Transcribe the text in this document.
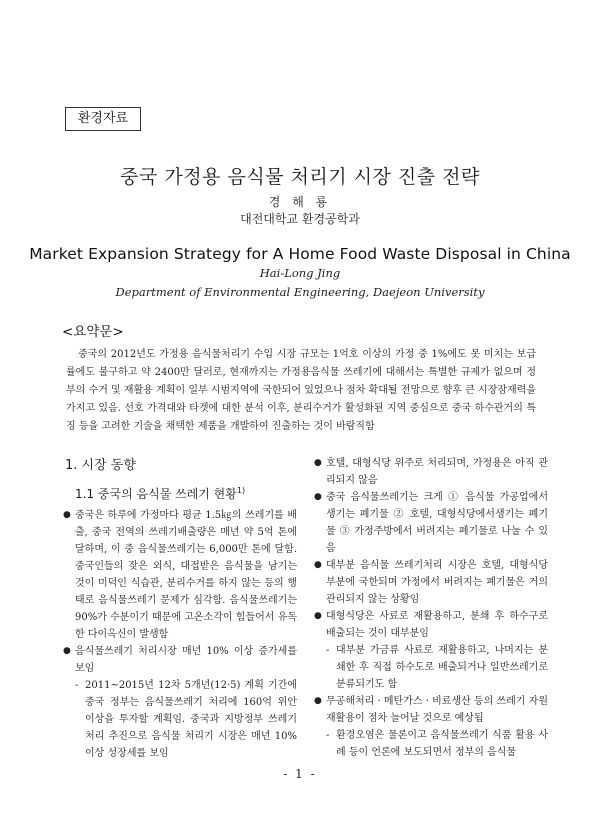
환경자료
중국 가정용 음식물 처리기 시장 진출 전략
경 해 룡
대전대학교 환경공학과
Market Expansion Strategy for A Home Food Waste Disposal in China
Hai-Long Jing
Department of Environmental Engineering, Daejeon University
<요약문>

중국의 2012년도 가정용 음식물처리기 수입 시장 규모는 1억호 이상의 가정 중 1%에도 못 미치는 보급률에도 불구하고 약 2400만 달러로, 현재까지는 가정용음식물 쓰레기에 대해서는 특별한 규제가 없으며 정부의 수거 및 재활용 계획이 일부 시범지역에 국한되어 있었으나 점차 확대될 전망으로 향후 큰 시장잠재력을 가지고 있음. 선호 가격대와 타겟에 대한 분석 이후, 분리수거가 활성화된 지역 중심으로 중국 하수관거의 특징 등을 고려한 기술을 채택한 제품을 개발하여 진출하는 것이 바람직함

1. 시장 동향
1.1 중국의 음식물 쓰레기 현황$^{1)}$
● 중국은 하루에 가정마다 평균 1.5㎏의 쓰레기를 배출, 중국 전역의 쓰레기배출량은 매년 약 5억 톤에 달하며, 이 중 음식물쓰레기는 6,000만 톤에 달함. 중국인들의 잦은 외식, 대접받은 음식물을 남기는 것이 미덕인 식습관, 분리수거를 하지 않는 등의 행태로 음식물쓰레기 문제가 심각함. 음식물쓰레기는 90%가 수분이기 때문에 고온소각이 힘들어서 유독한 다이옥신이 발생함

● 음식물쓰레기 처리시장 매년 10% 이상 증가세를 보임

- 2011~2015년 12차 5개년(12·5) 계획 기간에 중국 정부는 음식물쓰레기 처리에 160억 위안 이상을 투자할 계획임. 중국과 지방정부 쓰레기 처리 추진으로 음식물 처리기 시장은 매년 10% 이상 성장세를 보임

● 호텔, 대형식당 위주로 처리되며, 가정용은 아직 관리되지 않음

● 중국 음식물쓰레기는 크게 ① 음식물 가공업에서 생기는 폐기물 ② 호텔, 대형식당에서생기는 폐기물 ③ 가정주방에서 버려지는 폐기물로 나눌 수 있음

● 대부분 음식물 쓰레기처리 시장은 호텔, 대형식당 부분에 국한되며 가정에서 버려지는 폐기물은 거의 관리되지 않는 상황임

● 대형식당은 사료로 재활용하고, 분쇄 후 하수구로 배출되는 것이 대부분임

- 대부분 가금류 사료로 재활용하고, 나머지는 분쇄한 후 직접 하수도로 배출되거나 일반쓰레기로 분류되기도 함

● 무공해처리 · 메탄가스 · 비료생산 등의 쓰레기 자원 재활용이 점차 늘어날 것으로 예상됨

- 환경오염은 물론이고 음식물쓰레기 식품 활용 사례 등이 언론에 보도되면서 정부의 음식물

- 1 -
